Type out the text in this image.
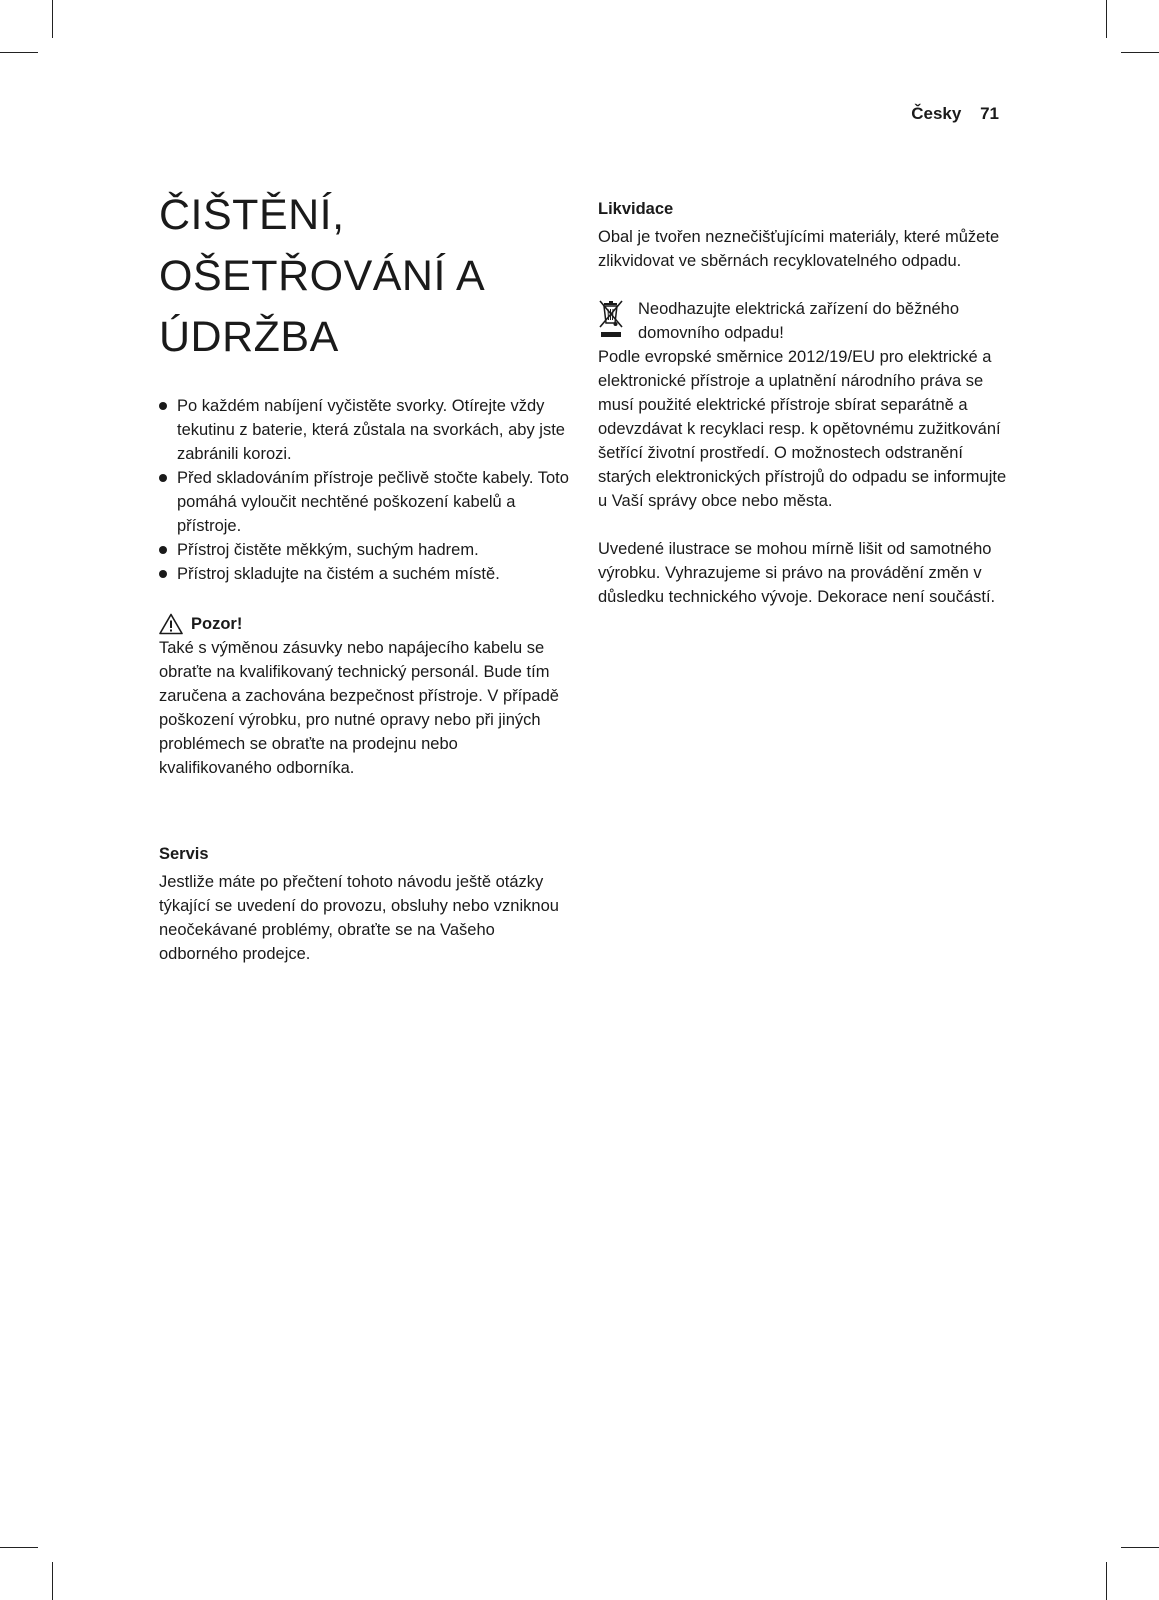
Česky 71
ČIŠTĚNÍ,
OŠETŘOVÁNÍ A
ÚDRŽBA
Po každém nabíjení vyčistěte svorky. Otírejte vždy tekutinu z baterie, která zůstala na svorkách, aby jste zabránili korozi.
Před skladováním přístroje pečlivě stočte kabely. Toto pomáhá vyloučit nechtěné poškození kabelů a přístroje.
Přístroj čistěte měkkým, suchým hadrem.
Přístroj skladujte na čistém a suchém místě.
Pozor!

Také s výměnou zásuvky nebo napájecího kabelu se obraťte na kvalifikovaný technický personál. Bude tím zaručena a zachována bezpečnost přístroje. V případě poškození výrobku, pro nutné opravy nebo při jiných problémech se obraťte na prodejnu nebo kvalifikovaného odborníka.

Servis

Jestliže máte po přečtení tohoto návodu ještě otázky týkající se uvedení do provozu, obsluhy nebo vzniknou neočekávané problémy, obraťte se na Vašeho odborného prodejce.

Likvidace

Obal je tvořen neznečišťujícími materiály, které můžete zlikvidovat ve sběrnách recyklovatelného odpadu.

Neodhazujte elektrická zařízení do běžného domovního odpadu!

Podle evropské směrnice 2012/19/EU pro elektrické a elektronické přístroje a uplatnění národního práva se musí použité elektrické přístroje sbírat separátně a odevzdávat k recyklaci resp. k opětovnému zužitkování šetřící životní prostředí. O možnostech odstranění starých elektronických přístrojů do odpadu se informujte u Vaší správy obce nebo města.

Uvedené ilustrace se mohou mírně lišit od samotného výrobku. Vyhrazujeme si právo na provádění změn v důsledku technického vývoje. Dekorace není součástí.
